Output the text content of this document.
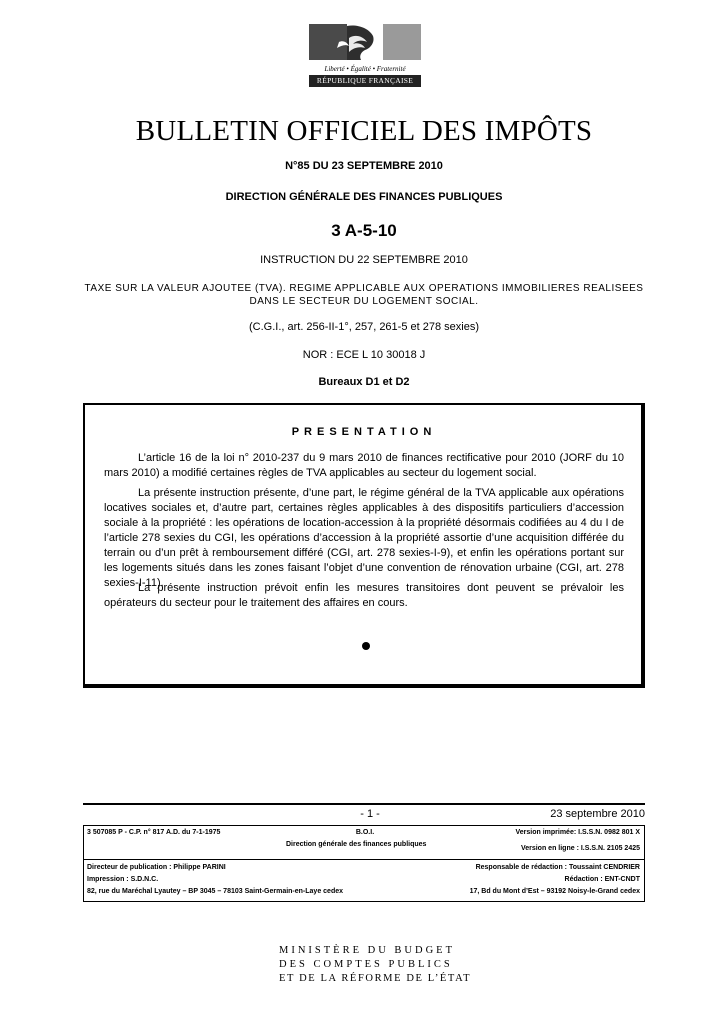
Liberté • Égalité • Fraternité
RÉPUBLIQUE FRANÇAISE
BULLETIN OFFICIEL DES IMPÔTS
N°85 DU 23 SEPTEMBRE 2010
DIRECTION GÉNÉRALE DES FINANCES PUBLIQUES
3 A-5-10
INSTRUCTION DU 22 SEPTEMBRE 2010
TAXE SUR LA VALEUR AJOUTEE (TVA). REGIME APPLICABLE AUX OPERATIONS IMMOBILIERES REALISEES
DANS LE SECTEUR DU LOGEMENT SOCIAL.
(C.G.I., art. 256-II-1°, 257, 261-5 et 278 sexies)
NOR : ECE L 10 30018 J
Bureaux D1 et D2
PRESENTATION
L’article 16 de la loi n° 2010-237 du 9 mars 2010 de finances rectificative pour 2010 (JORF du 10 mars 2010) a modifié certaines règles de TVA applicables au secteur du logement social.
La présente instruction présente, d’une part, le régime général de la TVA applicable aux opérations locatives sociales et, d’autre part, certaines règles applicables à des dispositifs particuliers d’accession sociale à la propriété : les opérations de location-accession à la propriété désormais codifiées au 4 du I de l’article 278 sexies du CGI, les opérations d’accession à la propriété assortie d’une acquisition différée du terrain ou d’un prêt à remboursement différé (CGI, art. 278 sexies-I-9), et enfin les opérations portant sur les logements situés dans les zones faisant l’objet d’une convention de rénovation urbaine (CGI, art. 278 sexies-I-11).
La présente instruction prévoit enfin les mesures transitoires dont peuvent se prévaloir les opérateurs du secteur pour le traitement des affaires en cours.
- 1 -	23 septembre 2010
3 507085 P - C.P. n° 817 A.D. du 7-1-1975	B.O.I.
Direction générale des finances publiques
Version imprimée: I.S.S.N. 0982 801 X
Version en ligne : I.S.S.N. 2105 2425
Directeur de publication : Philippe PARINI
Impression : S.D.N.C.
82, rue du Maréchal Lyautey – BP 3045 – 78103 Saint-Germain-en-Laye cedex
Responsable de rédaction : Toussaint CENDRIER
Rédaction : ENT-CNDT
17, Bd du Mont d’Est – 93192 Noisy-le-Grand cedex
MINISTÈRE DU BUDGET
DES COMPTES PUBLICS
ET DE LA RÉFORME DE L’ÉTAT
